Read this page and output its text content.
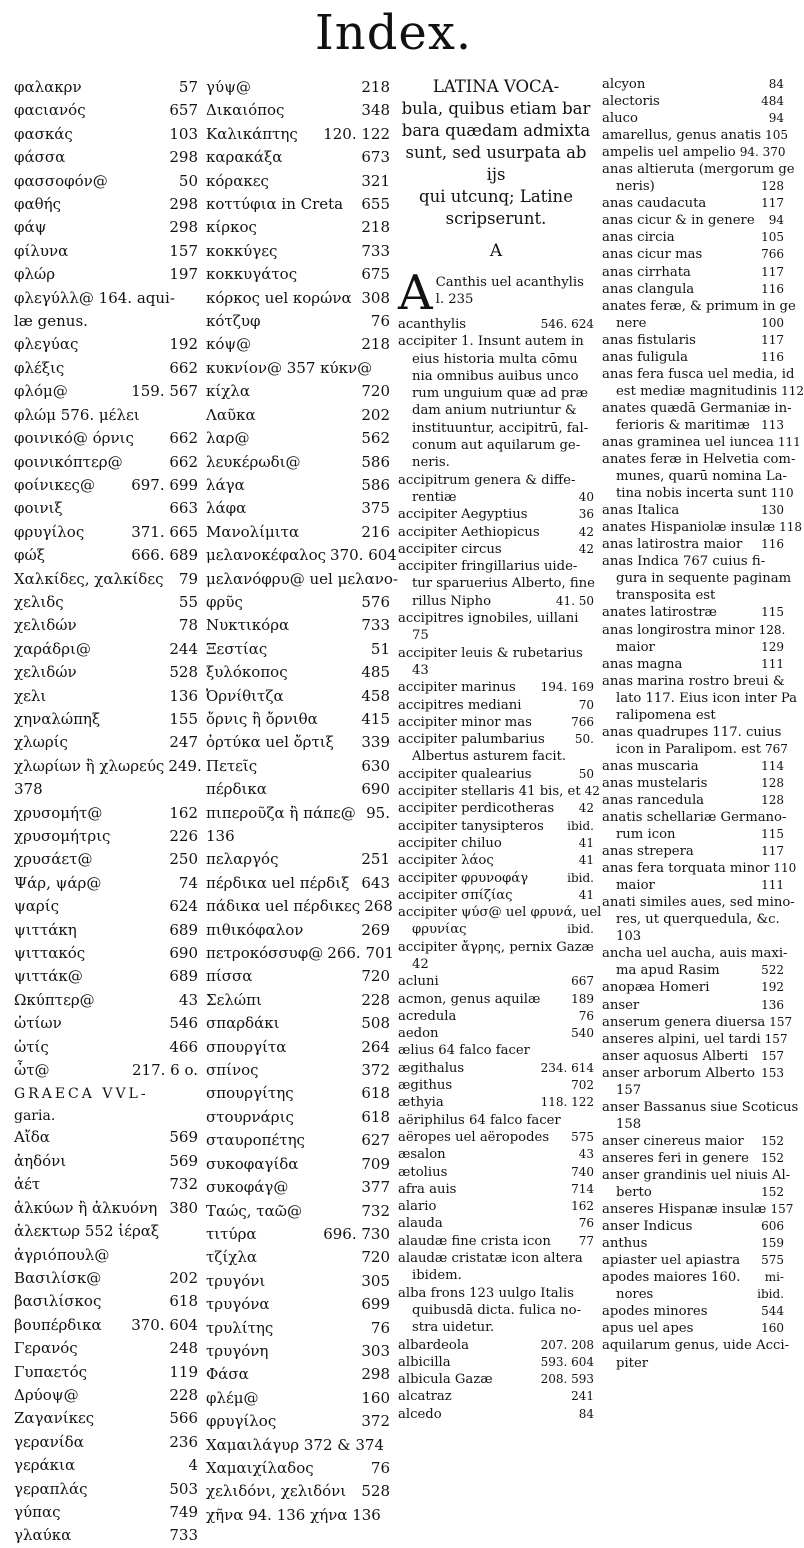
Index.
φαλακρν	57
φαcιανός	657
φασκάς	103
φάσσα	298
φασσοφόν@	50
φαθής	298
φάψ	298
φίλυνα	157
φλώρ	197
φλεγύλλ@ 164. aqui-
læ genus.
φλεγύας	192
φλέξις	662
φλόμ@	159. 567
φλώμ 576. μέλει
φοινικό@ όρνις 662
φοινικόπτερ@	662
φοίνικες@ 697. 699
φοινιξ	663
φρυγίλος	371. 665
φώξ	666. 689
Χαλκίδες, χαλκίδες 79
χελιδς	55
χελιδών	78
χαράδρι@	244
χελιδών	528
χελι	136
χηναλώπηξ	155
χλωρίς	247
χλωρίων ἢ χλωρεύς 249.
378
χρυσομήτ@	162
χρυσομήτρις	226
χρυσάετ@	250
Ψάρ, ψάρ@	74
ψαρίς	624
ψιττάκη	689
ψιττακός	690
ψιττάκ@	689
Ωκύπτερ@	43
ὠτίων	546
ὠτίς	466
ὦτ@	217. 6 o.
GRAECA VVL-
garia.
Αἴδα	569
ἀηδόνι	569
ἀέτ	732
ἀλκύων ἢ ἀλκυόνη 380
ἀλεκτωρ 552 ἱέραξ
ἀγριόπουλ@
Βασιλίσκ@	202
βασιλίσκος	618
βουπέρδικα 370. 604
Γερανός	248
Γυπαετός	119
Δρύοψ@	228
Ζαγανίκες	566
γερανίδα	236
γεράκια	4
γεραπλάς	503
γύπας	749
γλαύκα	733
γύψ@	218
Δικαιόπος	348
Καλικάπτης 120. 122
καρακάξα	673
κόρακες	321
κοττύφια in Creta 655
κίρκος	218
κοκκύγες	733
κοκκυγάτος	675
κόρκος uel κορώνα 308
κότζυφ	76
κόψ@	218
κυκνίον@ 357 κύκν@
κίχλα	720
Λαῦκα	202
λαρ@	562
λευκέρωδι@	586
λάγα	586
λάφα	375
Μανολίμιτα	216
μελανοκέφαλος 370. 604
μελανόφρυ@ uel μελανο-
φρῦς	576
Νυκτικόρα	733
Ξεστίας	51
ξυλόκοπος	485
Ὀρνίθιτζα	458
ὄρνις ἢ ὄρνιθα	415
ὀρτύκα uel ὄρτιξ 339
Πετεῖς	630
πέρδικα	690
πιπεροῦζα ἢ πάπε@ 95.
136
πελαργός	251
πέρδικα uel πέρδιξ 643
πάδικα uel πέρδικες 268
πιθικόφαλον	269
πετροκόσσυφ@ 266. 701
πίσσα	720
Σελώπι	228
σπαρδάκι	508
σπουργίτα	264
σπίνος	372
σπουργίτης	618
στουρνάρις	618
σταυροπέτης	627
συκοφαγίδα	709
συκοφάγ@	377
Ταώς, ταῶ@	732
τιτύρα	696. 730
τζίχλα	720
τρυγόνι	305
τρυγόνα	699
τρυλίτης	76
τρυγόνη	303
Φάσα	298
φλέμ@	160
φρυγίλος	372
Χαμαιλάγυρ 372 & 374
Χαμαιχίλαδος	76
χελιδόνι, χελιδόνι 528
χῆνα 94. 136 χήνα 136
LATINA VOCA-
bula, quibus etiam bar
bara quædam admixta
sunt, sed usurpata ab ijs
qui utcunq; Latine
scripserunt.
A
A Canthis uel acanthylis
l. 235
acanthylis	546. 624
accipiter 1. Insunt autem in
eius historia multa cōmu
nia omnibus auibus unco
rum unguium quæ ad præ
dam anium nutriuntur &
instituuntur, accipitrū, fal-
conum aut aquilarum ge-
neris.
accipitrum genera & diffe-
rentiæ	40
accipiter Aegyptius	36
accipiter Aethiopicus	42
accipiter circus	42
accipiter fringillarius uide-
tur sparuerius Alberto, fine
rillus Nipho	41. 50
accipitres ignobiles, uillani
75
accipiter leuis & rubetarius
43
accipiter marinus	194. 169
accipitres mediani	70
accipiter minor mas	766
accipiter palumbarius	50.
Albertus asturem facit.
accipiter qualearius	50
accipiter stellaris 41 bis, et 42
accipiter perdicotheras	42
accipiter tanysipteros	ibid.
accipiter chiluo	41
accipiter λάος	41
accipiter φρυνοφάγ	ibid.
accipiter σπίζίας	41
accipiter ψύσ@ uel φρυνά, uel
φρυνίας	ibid.
accipiter ἄγρης, pernix Gazæ
42
acluni	667
acmon, genus aquilæ	189
acredula	76
aedon	540
ælius 64 falco facer
ægithalus	234. 614
ægithus	702
æthyia	118. 122
aëriphilus 64 falco facer
aëropes uel aëropodes	575
æsalon	43
ætolius	740
afra auis	714
alario	162
alauda	76
alaudæ fine crista icon	77
alaudæ cristatæ icon altera
ibidem.
alba frons 123 uulgo Italis
quibusdā dicta. fulica no-
stra uidetur.
albardeola	207. 208
albicilla	593. 604
albicula Gazæ	208. 593
alcatraz	241
alcedo	84
alcyon	84
alectoris	484
aluco	94
amarellus, genus anatis 105
ampelis uel ampelio 94. 370
anas altieruta (mergorum ge
neris)	128
anas caudacuta	117
anas cicur & in genere	94
anas circia	105
anas cicur mas	766
anas cirrhata	117
anas clangula	116
anates feræ, & primum in ge
nere	100
anas fistularis	117
anas fuligula	116
anas fera fusca uel media, id
est mediæ magnitudinis 112
anates quædā Germaniæ in-
ferioris & maritimæ 113
anas graminea uel iuncea 111
anates feræ in Helvetia com-
munes, quarū nomina La-
tina nobis incerta sunt 110
anas Italica	130
anates Hispaniolæ insulæ 118
anas latirostra maior	116
anas Indica 767 cuius fi-
gura in sequente paginam
transposita est
anates latirostræ	115
anas longirostra minor 128.
maior	129
anas magna	111
anas marina rostro breui &
lato 117. Eius icon inter Pa
ralipomena est
anas quadrupes 117. cuius
icon in Paralipom. est 767
anas muscaria	114
anas mustelaris	128
anas rancedula	128
anatis schellariæ Germano-
rum icon	115
anas strepera	117
anas fera torquata minor 110
maior	111
anati similes aues, sed mino-
res, ut querquedula, &c.
103
ancha uel aucha, auis maxi-
ma apud Rasim	522
anopæa Homeri	192
anser	136
anserum genera diuersa 157
anseres alpini, uel tardi 157
anser aquosus Alberti	157
anser arborum Alberto 153
157
anser Bassanus siue Scoticus
158
anser cinereus maior	152
anseres feri in genere	152
anser grandinis uel niuis Al-
berto	152
anseres Hispanæ insulæ 157
anser Indicus	606
anthus	159
apiaster uel apiastra	575
apodes maiores 160.	mi-
nores	ibid.
apodes minores	544
apus uel apes	160
aquilarum genus, uide Acci-
piter
